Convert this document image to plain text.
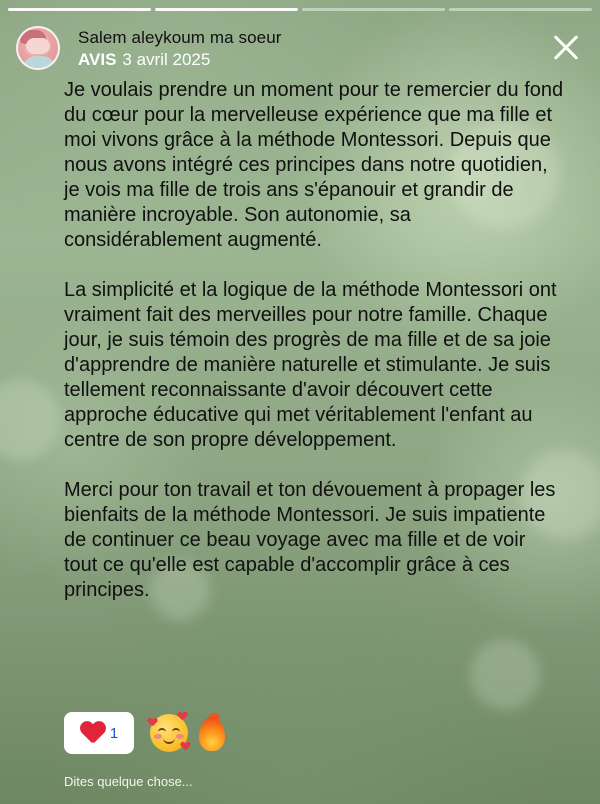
Salem aleykoum ma soeur
AVIS 3 avril 2025

Je voulais prendre un moment pour te remercier du fond du cœur pour la mervelleuse expérience que ma fille et moi vivons grâce à la méthode Montessori. Depuis que nous avons intégré ces principes dans notre quotidien, je vois ma fille de trois ans s'épanouir et grandir de manière incroyable. Son autonomie, sa considérablement augmenté.

La simplicité et la logique de la méthode Montessori ont vraiment fait des merveilles pour notre famille. Chaque jour, je suis témoin des progrès de ma fille et de sa joie d'apprendre de manière naturelle et stimulante. Je suis tellement reconnaissante d'avoir découvert cette approche éducative qui met véritablement l'enfant au centre de son propre développement.

Merci pour ton travail et ton dévouement à propager les bienfaits de la méthode Montessori. Je suis impatiente de continuer ce beau voyage avec ma fille et de voir tout ce qu'elle est capable d'accomplir grâce à ces principes.

1
Dites quelque chose...
